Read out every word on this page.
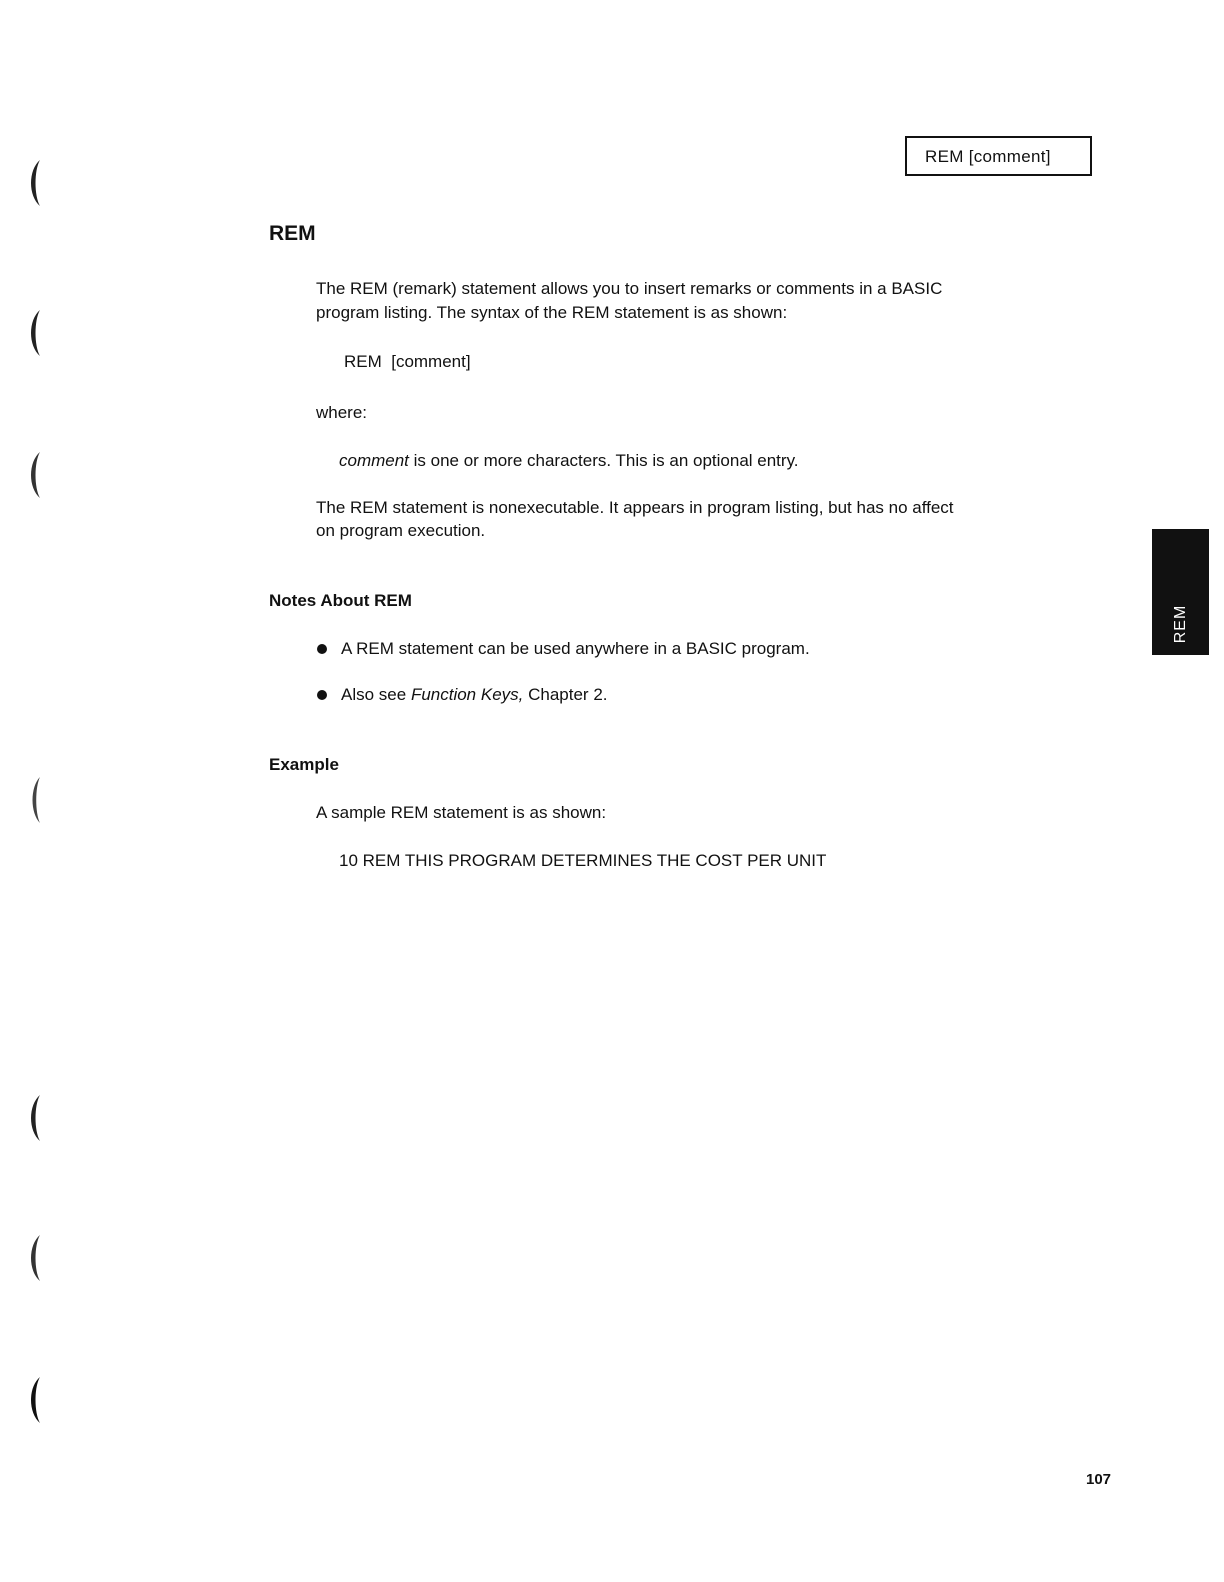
REM [comment]
REM

The REM (remark) statement allows you to insert remarks or comments in a BASIC

program listing. The syntax of the REM statement is as shown:

REM  [comment]

where:

comment is one or more characters. This is an optional entry.

The REM statement is nonexecutable. It appears in program listing, but has no affect

on program execution.

Notes About REM
A REM statement can be used anywhere in a BASIC program.
Also see Function Keys, Chapter 2.
Example

A sample REM statement is as shown:

10 REM THIS PROGRAM DETERMINES THE COST PER UNIT

REM
107
